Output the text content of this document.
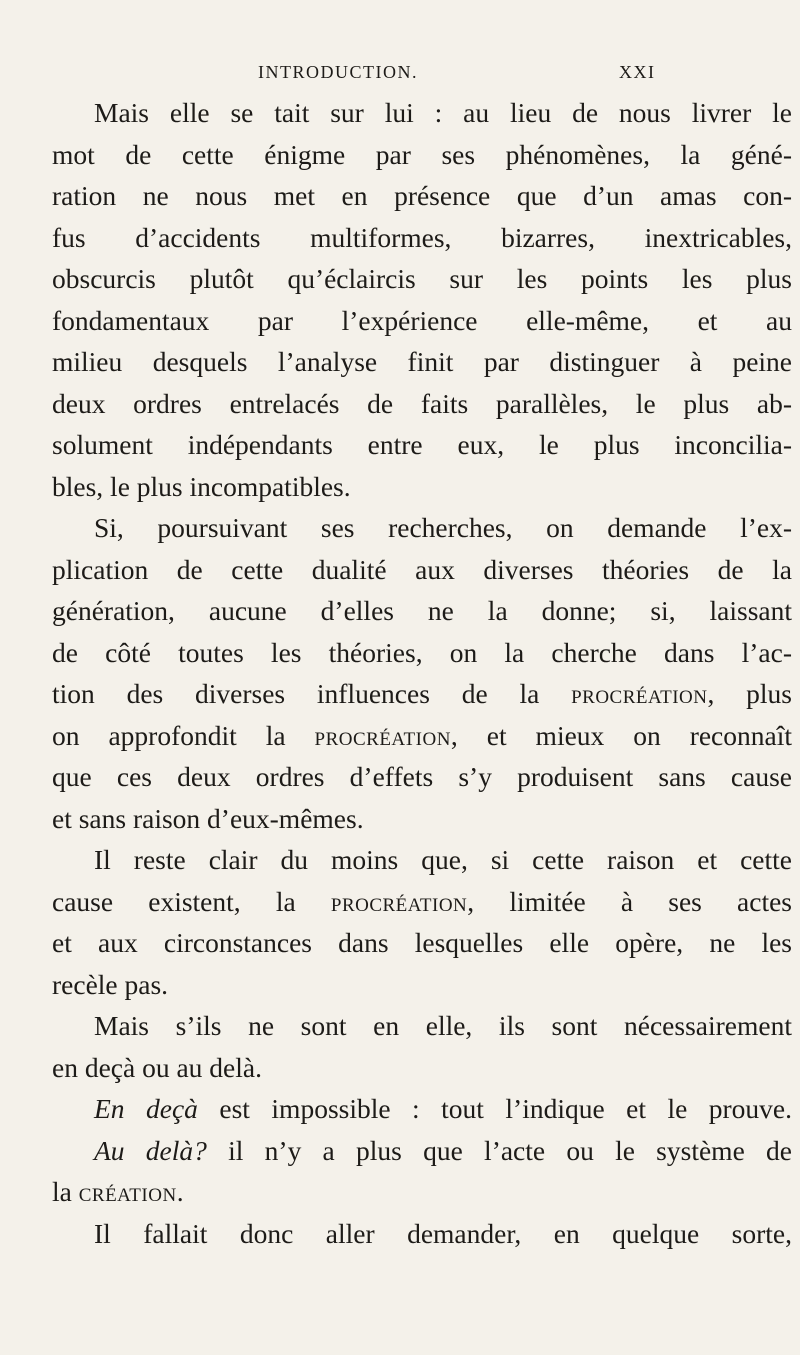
INTRODUCTION.	XXI
Mais elle se tait sur lui : au lieu de nous livrer le
mot de cette énigme par ses phénomènes, la géné-
ration ne nous met en présence que d’un amas con-
fus d’accidents multiformes, bizarres, inextricables,
obscurcis plutôt qu’éclaircis sur les points les plus
fondamentaux par l’expérience elle-même, et au
milieu desquels l’analyse finit par distinguer à peine
deux ordres entrelacés de faits parallèles, le plus ab-
solument indépendants entre eux, le plus inconcilia-
bles, le plus incompatibles.
Si, poursuivant ses recherches, on demande l’ex-
plication de cette dualité aux diverses théories de la
génération, aucune d’elles ne la donne; si, laissant
de côté toutes les théories, on la cherche dans l’ac-
tion des diverses influences de la procréation, plus
on approfondit la procréation, et mieux on reconnaît
que ces deux ordres d’effets s’y produisent sans cause
et sans raison d’eux-mêmes.
Il reste clair du moins que, si cette raison et cette
cause existent, la procréation, limitée à ses actes
et aux circonstances dans lesquelles elle opère, ne les
recèle pas.
Mais s’ils ne sont en elle, ils sont nécessairement
en deçà ou au delà.
En deçà est impossible : tout l’indique et le prouve.
Au delà? il n’y a plus que l’acte ou le système de
la création.
Il fallait donc aller demander, en quelque sorte,
